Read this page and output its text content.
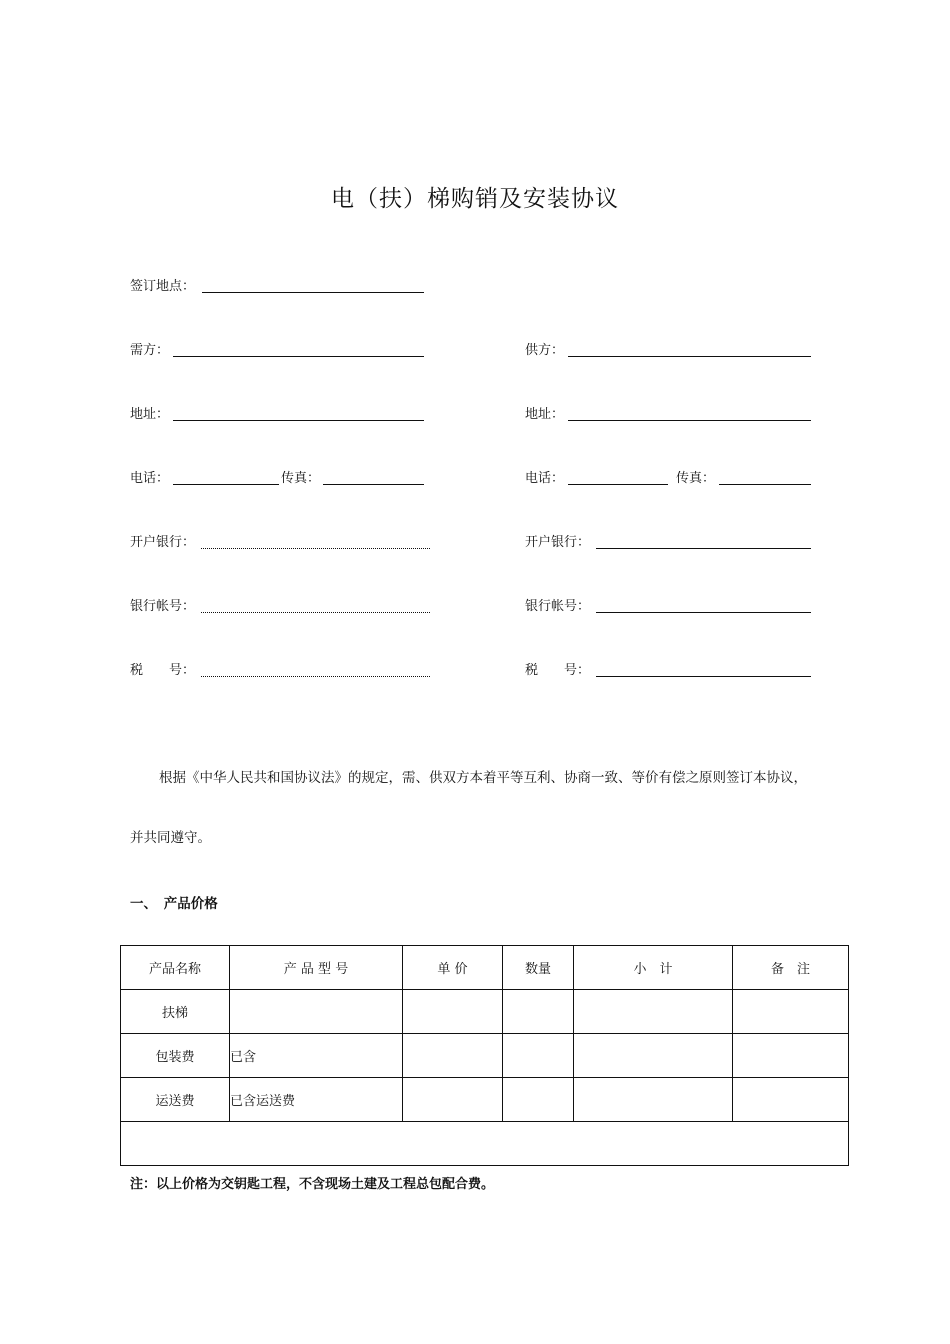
电（扶）梯购销及安装协议
签订地点：
需方：	供方：
地址：	地址：
电话：	传真：	电话：	传真：
开户银行：	开户银行：
银行帐号：	银行帐号：
税　　号：	税　　号：
根据《中华人民共和国协议法》的规定，需、供双方本着平等互利、协商一致、等价有偿之原则签订本协议，
并共同遵守。
一、　产品价格
产品名称	产 品 型 号	单 价	数量	小　计	备　注
扶梯					
包装费	已含				
运送费	已含运送费				

注：以上价格为交钥匙工程，不含现场土建及工程总包配合费。
